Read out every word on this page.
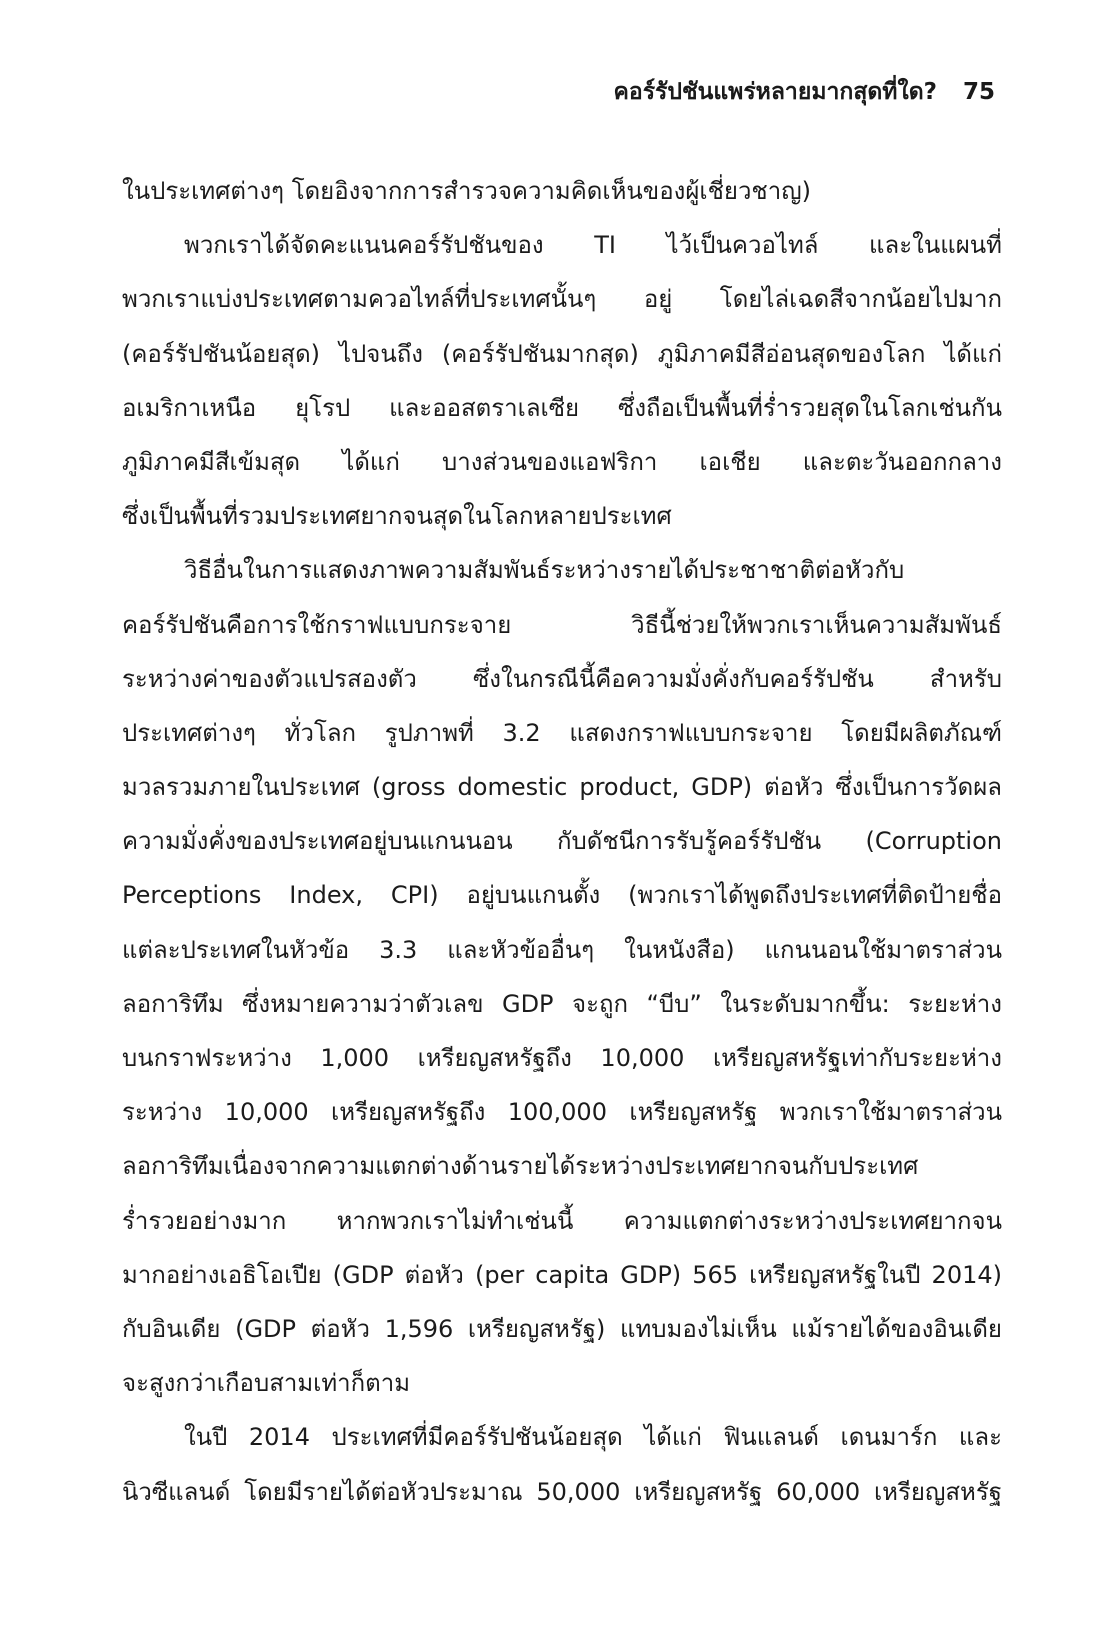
คอร์รัปชันแพร่หลายมากสุดที่ใด? 75
ในประเทศต่างๆ โดยอิงจากการสำรวจความคิดเห็นของผู้เชี่ยวชาญ)
พวกเราได้จัดคะแนนคอร์รัปชันของ TI ไว้เป็นควอไทล์ และในแผนที่
พวกเราแบ่งประเทศตามควอไทล์ที่ประเทศนั้นๆ อยู่ โดยไล่เฉดสีจากน้อยไปมาก
(คอร์รัปชันน้อยสุด) ไปจนถึง (คอร์รัปชันมากสุด) ภูมิภาคมีสีอ่อนสุดของโลก ได้แก่
อเมริกาเหนือ ยุโรป และออสตราเลเซีย ซึ่งถือเป็นพื้นที่ร่ำรวยสุดในโลกเช่นกัน
ภูมิภาคมีสีเข้มสุด ได้แก่ บางส่วนของแอฟริกา เอเชีย และตะวันออกกลาง
ซึ่งเป็นพื้นที่รวมประเทศยากจนสุดในโลกหลายประเทศ
วิธีอื่นในการแสดงภาพความสัมพันธ์ระหว่างรายได้ประชาชาติต่อหัวกับ
คอร์รัปชันคือการใช้กราฟแบบกระจาย วิธีนี้ช่วยให้พวกเราเห็นความสัมพันธ์
ระหว่างค่าของตัวแปรสองตัว ซึ่งในกรณีนี้คือความมั่งคั่งกับคอร์รัปชัน สำหรับ
ประเทศต่างๆ ทั่วโลก รูปภาพที่ 3.2 แสดงกราฟแบบกระจาย โดยมีผลิตภัณฑ์
มวลรวมภายในประเทศ (gross domestic product, GDP) ต่อหัว ซึ่งเป็นการวัดผล
ความมั่งคั่งของประเทศอยู่บนแกนนอน กับดัชนีการรับรู้คอร์รัปชัน (Corruption
Perceptions Index, CPI) อยู่บนแกนตั้ง (พวกเราได้พูดถึงประเทศที่ติดป้ายชื่อ
แต่ละประเทศในหัวข้อ 3.3 และหัวข้ออื่นๆ ในหนังสือ) แกนนอนใช้มาตราส่วน
ลอการิทึม ซึ่งหมายความว่าตัวเลข GDP จะถูก “บีบ” ในระดับมากขึ้น: ระยะห่าง
บนกราฟระหว่าง 1,000 เหรียญสหรัฐถึง 10,000 เหรียญสหรัฐเท่ากับระยะห่าง
ระหว่าง 10,000 เหรียญสหรัฐถึง 100,000 เหรียญสหรัฐ พวกเราใช้มาตราส่วน
ลอการิทึมเนื่องจากความแตกต่างด้านรายได้ระหว่างประเทศยากจนกับประเทศ
ร่ำรวยอย่างมาก หากพวกเราไม่ทำเช่นนี้ ความแตกต่างระหว่างประเทศยากจน
มากอย่างเอธิโอเปีย (GDP ต่อหัว (per capita GDP) 565 เหรียญสหรัฐในปี 2014)
กับอินเดีย (GDP ต่อหัว 1,596 เหรียญสหรัฐ) แทบมองไม่เห็น แม้รายได้ของอินเดีย
จะสูงกว่าเกือบสามเท่าก็ตาม
ในปี 2014 ประเทศที่มีคอร์รัปชันน้อยสุด ได้แก่ ฟินแลนด์ เดนมาร์ก และ
นิวซีแลนด์ โดยมีรายได้ต่อหัวประมาณ 50,000 เหรียญสหรัฐ 60,000 เหรียญสหรัฐ
